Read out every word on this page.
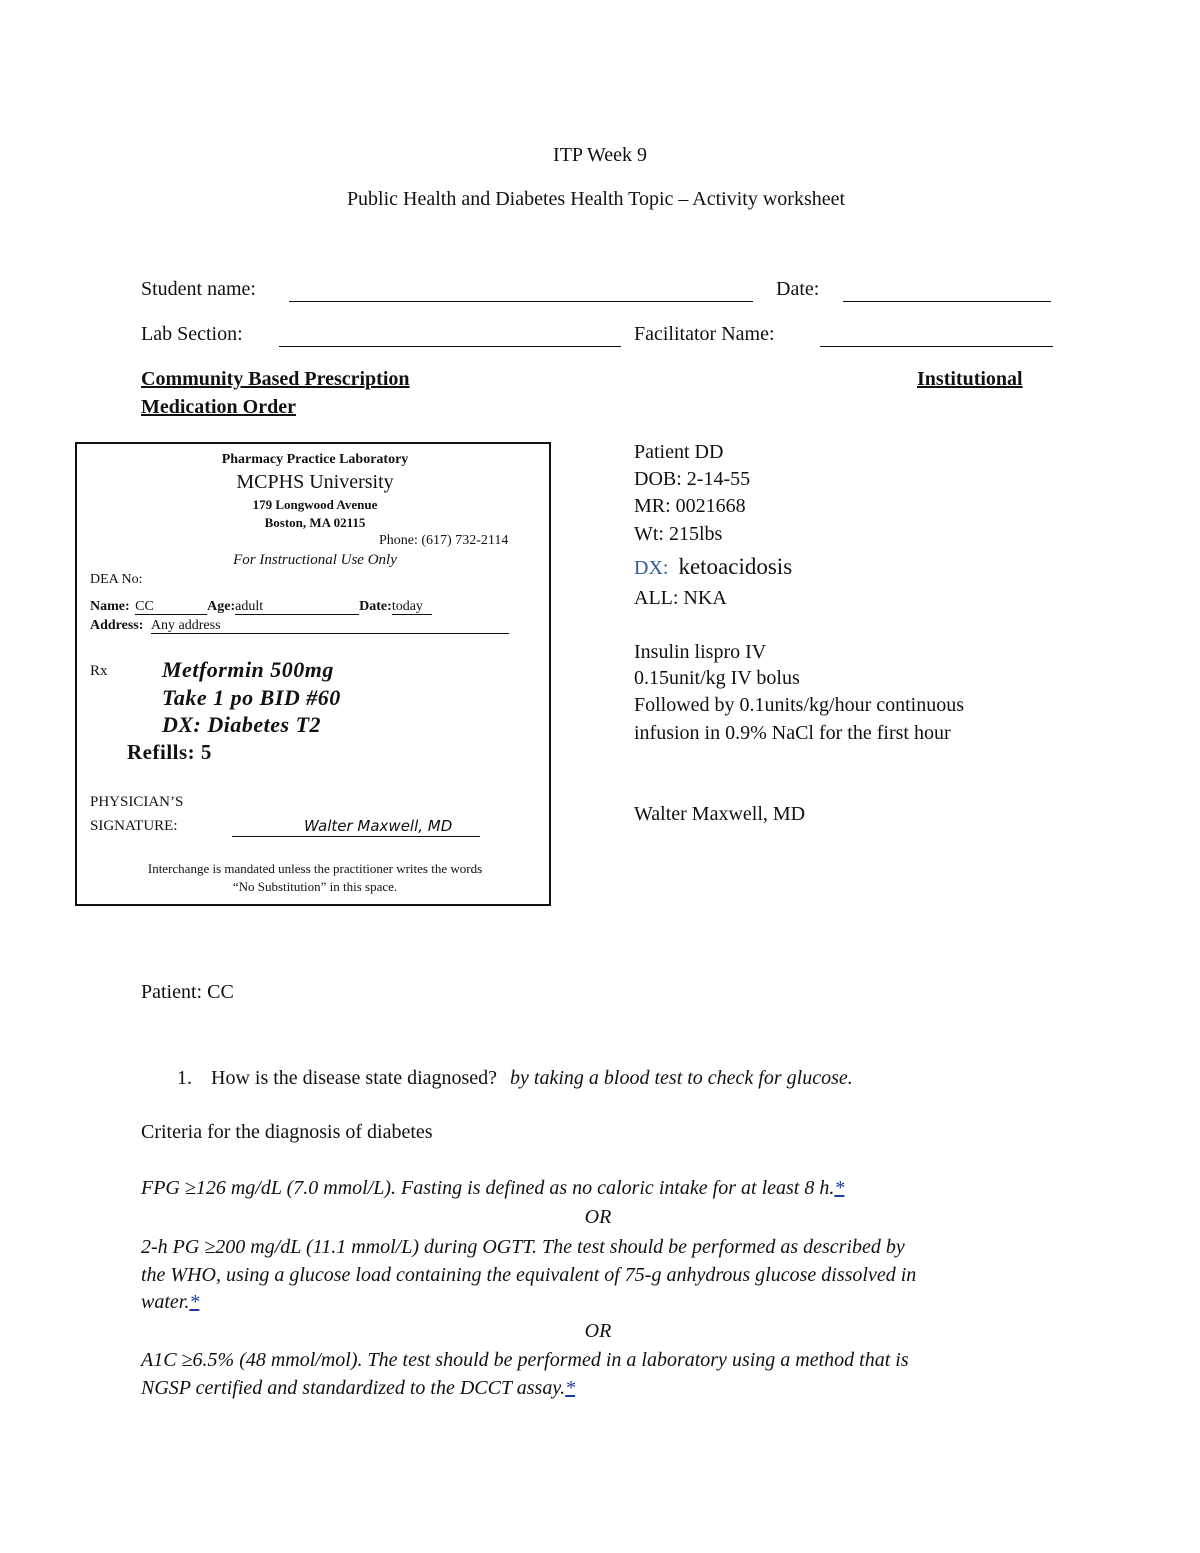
ITP Week 9
Public Health and Diabetes Health Topic – Activity worksheet
Student name:	Date:
Lab Section:	Facilitator Name:
Community Based Prescription	Institutional
Medication Order
Pharmacy Practice Laboratory
MCPHS University
179 Longwood Avenue
Boston, MA 02115
Phone: (617) 732-2114
For Instructional Use Only
DEA No:
Name: CC	Age:adult	Date:today
Address: Any address
Rx Metformin 500mg
Take 1 po BID #60
DX: Diabetes T2
Refills: 5
PHYSICIAN’S
SIGNATURE:	Walter Maxwell, MD
Interchange is mandated unless the practitioner writes the words
“No Substitution” in this space.
Patient DD
DOB: 2-14-55
MR: 0021668
Wt: 215lbs
DX: ketoacidosis
ALL: NKA
Insulin lispro IV
0.15unit/kg IV bolus
Followed by 0.1units/kg/hour continuous
infusion in 0.9% NaCl for the first hour
Walter Maxwell, MD
Patient: CC
1. How is the disease state diagnosed? by taking a blood test to check for glucose.
Criteria for the diagnosis of diabetes
FPG ≥126 mg/dL (7.0 mmol/L). Fasting is defined as no caloric intake for at least 8 h.*
OR
2-h PG ≥200 mg/dL (11.1 mmol/L) during OGTT. The test should be performed as described by
the WHO, using a glucose load containing the equivalent of 75-g anhydrous glucose dissolved in
water.*
OR
A1C ≥6.5% (48 mmol/mol). The test should be performed in a laboratory using a method that is
NGSP certified and standardized to the DCCT assay.*
